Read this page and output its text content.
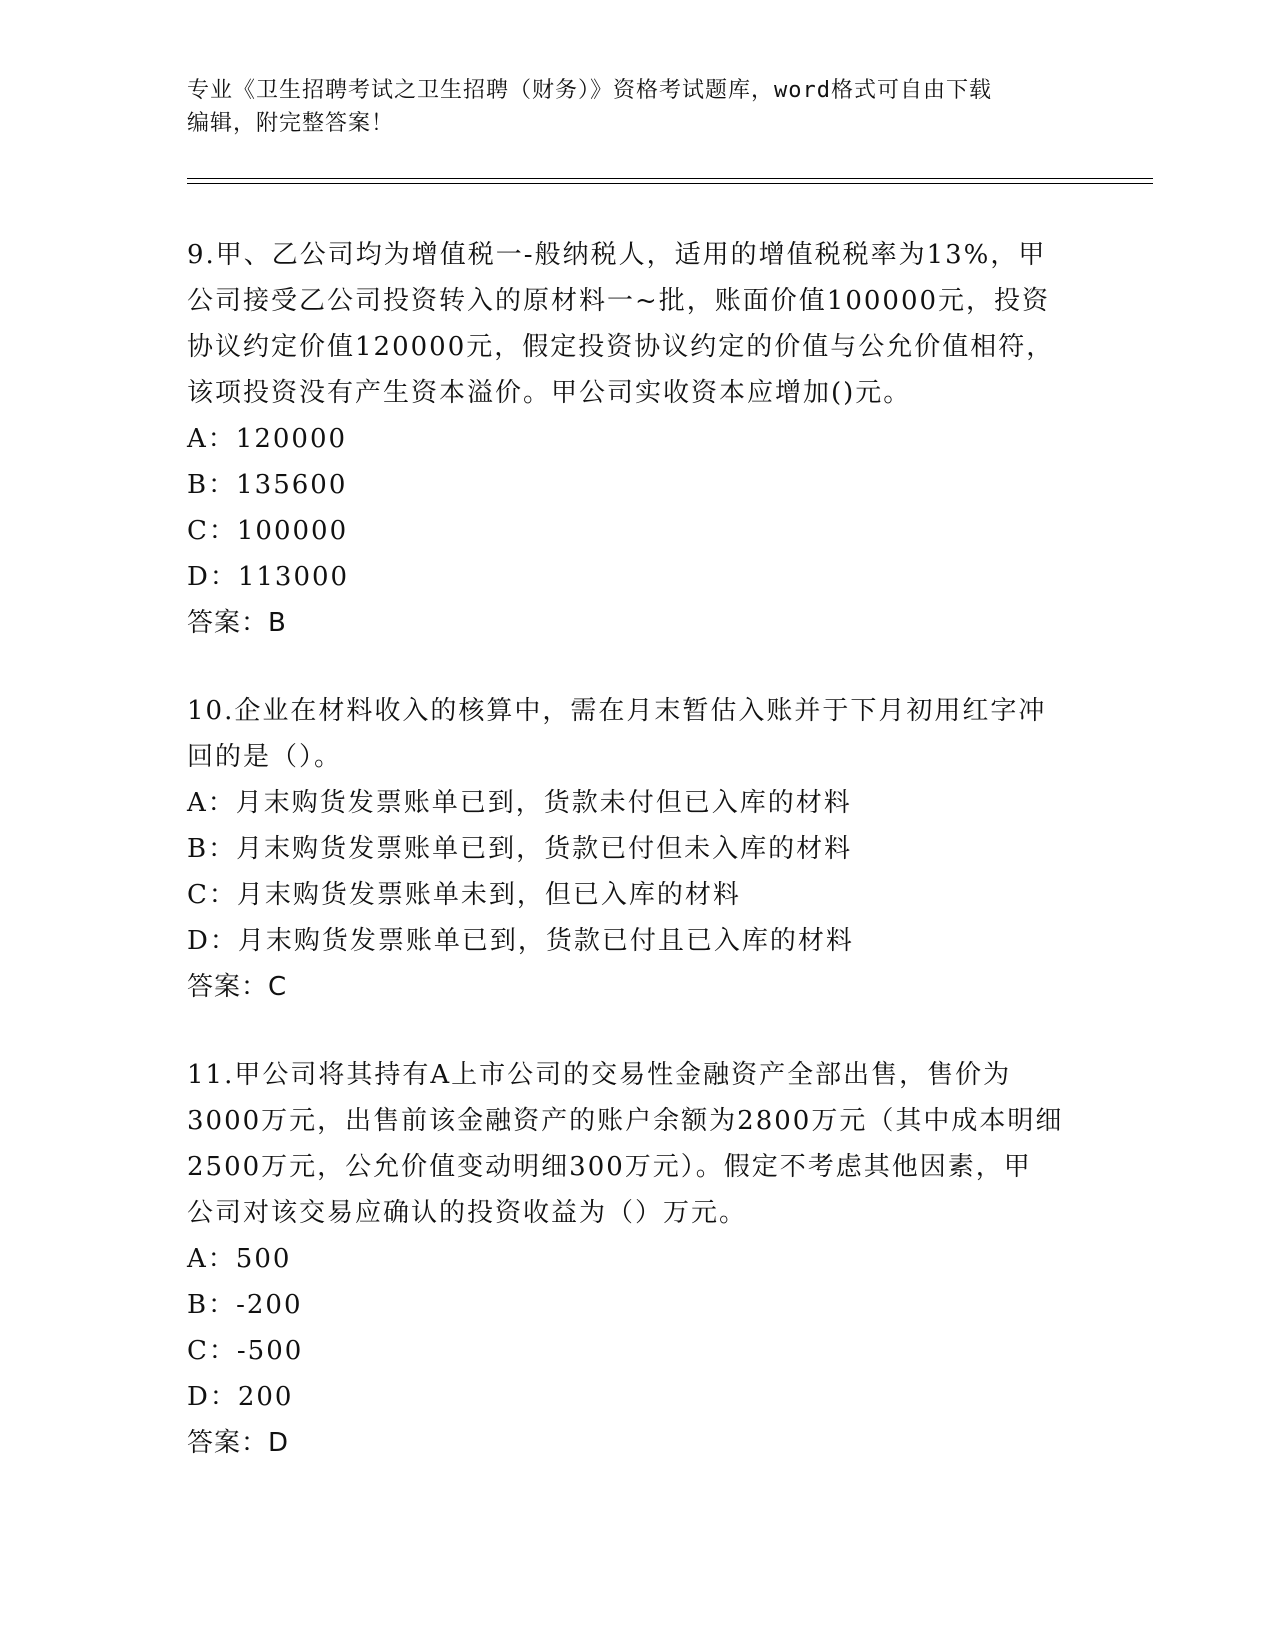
专业《卫生招聘考试之卫生招聘（财务）》资格考试题库，word格式可自由下载
编辑，附完整答案！

9.甲、乙公司均为增值税一-般纳税人，适用的增值税税率为13%，甲

公司接受乙公司投资转入的原材料一~批，账面价值100000元，投资

协议约定价值120000元，假定投资协议约定的价值与公允价值相符，

该项投资没有产生资本溢价。甲公司实收资本应增加()元。

A：120000

B：135600

C：100000

D：113000

答案：B

10.企业在材料收入的核算中，需在月末暂估入账并于下月初用红字冲

回的是（）。

A：月末购货发票账单已到，货款未付但已入库的材料

B：月末购货发票账单已到，货款已付但未入库的材料

C：月末购货发票账单未到，但已入库的材料

D：月末购货发票账单已到，货款已付且已入库的材料

答案：C

11.甲公司将其持有A上市公司的交易性金融资产全部出售，售价为

3000万元，出售前该金融资产的账户余额为2800万元（其中成本明细

2500万元，公允价值变动明细300万元）。假定不考虑其他因素，甲

公司对该交易应确认的投资收益为（）万元。

A：500

B：-200

C：-500

D：200

答案：D
